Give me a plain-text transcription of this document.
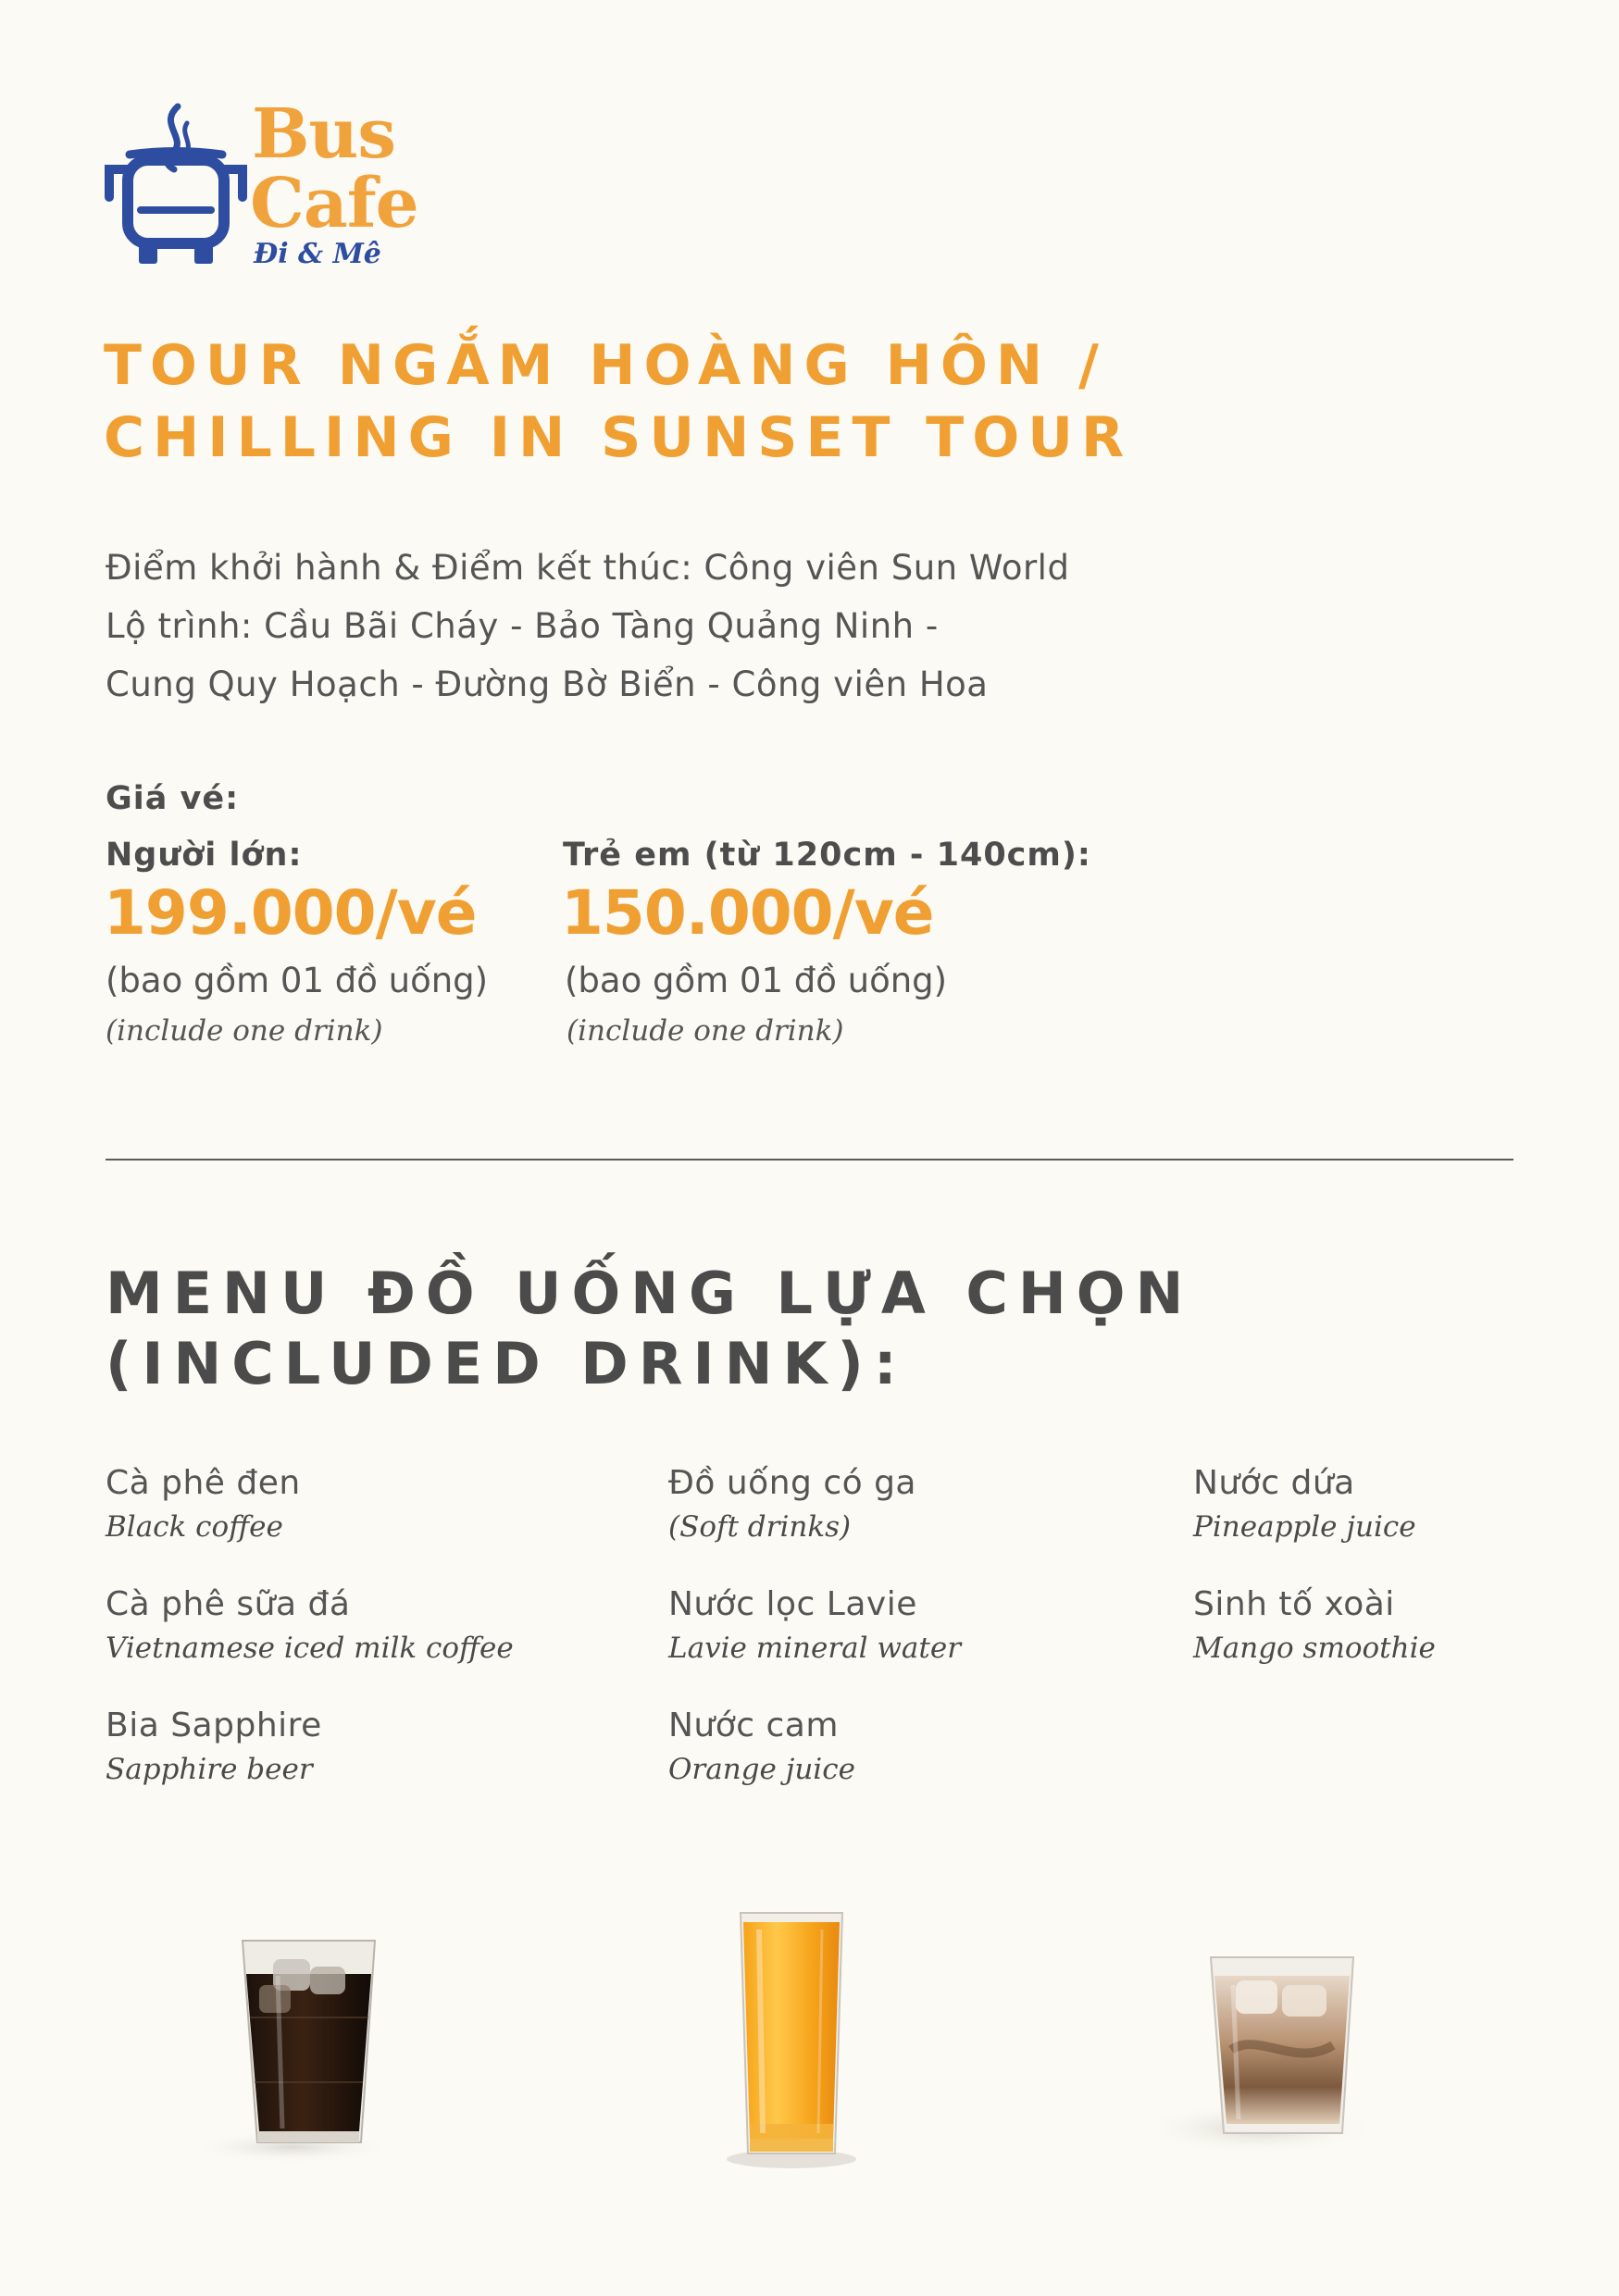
Bus
Cafe
Đi & Mê
TOUR NGẮM HOÀNG HÔN /
CHILLING IN SUNSET TOUR
Điểm khởi hành & Điểm kết thúc: Công viên Sun World
Lộ trình: Cầu Bãi Cháy - Bảo Tàng Quảng Ninh -
Cung Quy Hoạch - Đường Bờ Biển - Công viên Hoa
Giá vé:
Người lớn:	Trẻ em (từ 120cm - 140cm):
199.000/vé 150.000/vé
(bao gồm 01 đồ uống) (bao gồm 01 đồ uống)
(include one drink)	(include one drink)
MENU ĐỒ UỐNG LỰA CHỌN
(INCLUDED DRINK):
Cà phê đen
Black coffee
Cà phê sữa đá
Vietnamese iced milk coffee
Bia Sapphire
Sapphire beer
Đồ uống có ga
(Soft drinks)
Nước lọc Lavie
Lavie mineral water
Nước cam
Orange juice
Nước dứa
Pineapple juice
Sinh tố xoài
Mango smoothie
